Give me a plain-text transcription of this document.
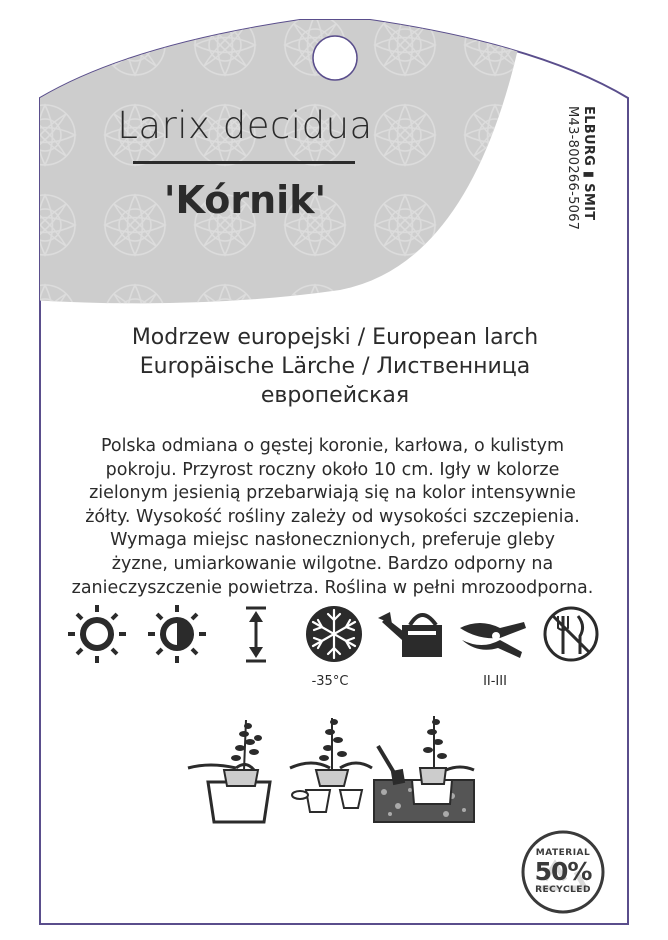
Larix decidua
'Kórnik'	ELBURG ▮ SMIT
M43-800266-5067
Modrzew europejski / European larch
Europäische Lärche / Лиственница
европейская
Polska odmiana o gęstej koronie, karłowa, o kulistym
pokroju. Przyrost roczny około 10 cm. Igły w kolorze
zielonym jesienią przebarwiają się na kolor intensywnie
żółty. Wysokość rośliny zależy od wysokości szczepienia.
Wymaga miejsc nasłonecznionych, preferuje gleby
żyzne, umiarkowanie wilgotne. Bardzo odporny na
zanieczyszczenie powietrza. Roślina w pełni mrozoodporna.
-35°C	II-III
MATERIAL
50%
RECYCLED
